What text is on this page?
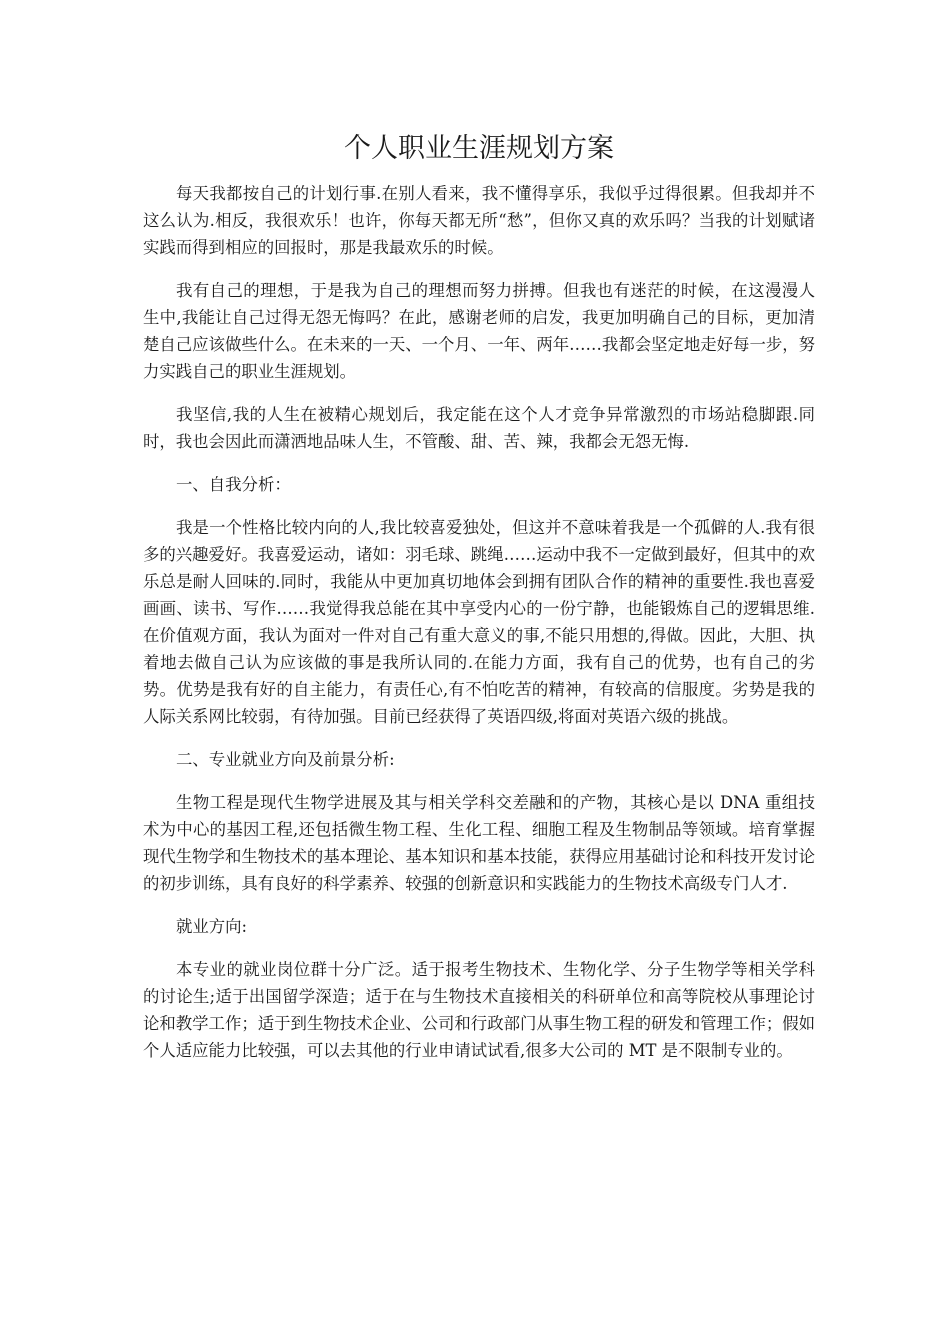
个人职业生涯规划方案

每天我都按自己的计划行事.在别人看来，我不懂得享乐，我似乎过得很累。但我却并不这么认为.相反，我很欢乐！也许，你每天都无所“愁”，但你又真的欢乐吗？当我的计划赋诸实践而得到相应的回报时，那是我最欢乐的时候。

我有自己的理想，于是我为自己的理想而努力拼搏。但我也有迷茫的时候，在这漫漫人生中,我能让自己过得无怨无悔吗？在此，感谢老师的启发，我更加明确自己的目标，更加清楚自己应该做些什么。在未来的一天、一个月、一年、两年……我都会坚定地走好每一步，努力实践自己的职业生涯规划。

我坚信,我的人生在被精心规划后，我定能在这个人才竞争异常激烈的市场站稳脚跟.同时，我也会因此而潇洒地品味人生，不管酸、甜、苦、辣，我都会无怨无悔.

一、自我分析：

我是一个性格比较内向的人,我比较喜爱独处，但这并不意味着我是一个孤僻的人.我有很多的兴趣爱好。我喜爱运动，诸如：羽毛球、跳绳……运动中我不一定做到最好，但其中的欢乐总是耐人回味的.同时，我能从中更加真切地体会到拥有团队合作的精神的重要性.我也喜爱画画、读书、写作……我觉得我总能在其中享受内心的一份宁静，也能锻炼自己的逻辑思维.在价值观方面，我认为面对一件对自己有重大意义的事,不能只用想的,得做。因此，大胆、执着地去做自己认为应该做的事是我所认同的.在能力方面，我有自己的优势，也有自己的劣势。优势是我有好的自主能力，有责任心,有不怕吃苦的精神，有较高的信服度。劣势是我的人际关系网比较弱，有待加强。目前已经获得了英语四级,将面对英语六级的挑战。

二、专业就业方向及前景分析:

生物工程是现代生物学进展及其与相关学科交差融和的产物，其核心是以 DNA 重组技术为中心的基因工程,还包括微生物工程、生化工程、细胞工程及生物制品等领域。培育掌握现代生物学和生物技术的基本理论、基本知识和基本技能，获得应用基础讨论和科技开发讨论的初步训练，具有良好的科学素养、较强的创新意识和实践能力的生物技术高级专门人才.

就业方向:

本专业的就业岗位群十分广泛。适于报考生物技术、生物化学、分子生物学等相关学科的讨论生;适于出国留学深造；适于在与生物技术直接相关的科研单位和高等院校从事理论讨论和教学工作；适于到生物技术企业、公司和行政部门从事生物工程的研发和管理工作；假如个人适应能力比较强，可以去其他的行业申请试试看,很多大公司的 MT 是不限制专业的。
